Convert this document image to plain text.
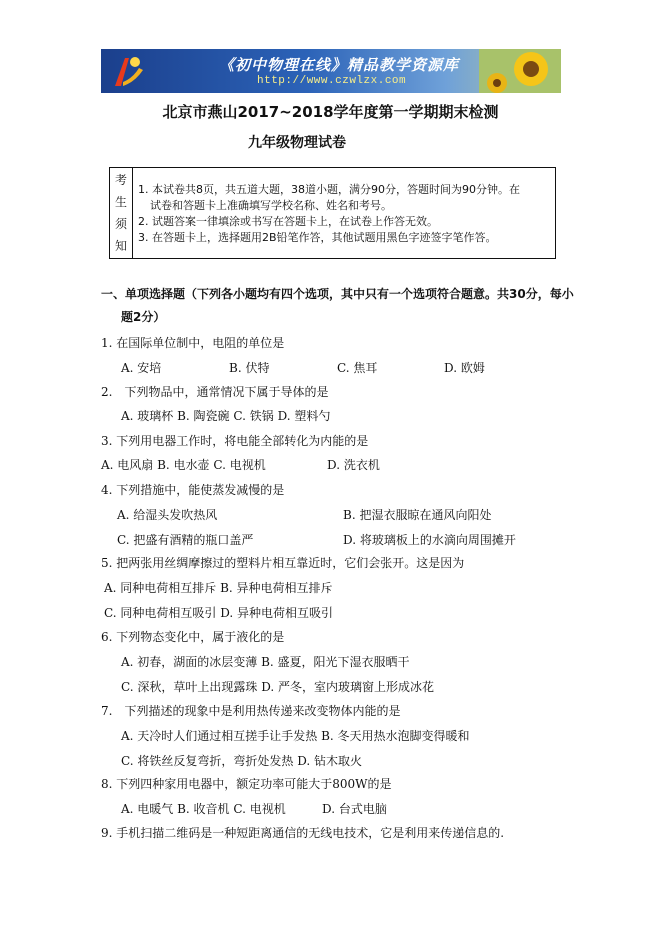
《初中物理在线》精品教学资源库
http://www.czwlzx.com
北京市燕山2017~2018学年度第一学期期末检测
九年级物理试卷
考
生
须
知

1. 本试卷共8页，共五道大题，38道小题，满分90分，答题时间为90分钟。在
试卷和答题卡上准确填写学校名称、姓名和考号。
2. 试题答案一律填涂或书写在答题卡上，在试卷上作答无效。
3. 在答题卡上，选择题用2B铅笔作答，其他试题用黑色字迹签字笔作答。
一、单项选择题（下列各小题均有四个选项，其中只有一个选项符合题意。共30分，每小
题2分）
1. 在国际单位制中，电阻的单位是
A. 安培	B. 伏特	C. 焦耳	D. 欧姆
2.　下列物品中，通常情况下属于导体的是
A. 玻璃杯 B. 陶瓷碗 C. 铁锅 D. 塑料勺
3. 下列用电器工作时，将电能全部转化为内能的是
A. 电风扇 B. 电水壶 C. 电视机	D. 洗衣机
4. 下列措施中，能使蒸发减慢的是
A. 给湿头发吹热风	B. 把湿衣服晾在通风向阳处
C. 把盛有酒精的瓶口盖严	D. 将玻璃板上的水滴向周围摊开
5. 把两张用丝绸摩擦过的塑料片相互靠近时，它们会张开。这是因为
A. 同种电荷相互排斥 B. 异种电荷相互排斥
C. 同种电荷相互吸引 D. 异种电荷相互吸引
6. 下列物态变化中，属于液化的是
A. 初春，湖面的冰层变薄 B. 盛夏，阳光下湿衣服晒干
C. 深秋，草叶上出现露珠 D. 严冬，室内玻璃窗上形成冰花
7.　下列描述的现象中是利用热传递来改变物体内能的是
A. 天冷时人们通过相互搓手让手发热 B. 冬天用热水泡脚变得暖和
C. 将铁丝反复弯折，弯折处发热 D. 钻木取火
8. 下列四种家用电器中，额定功率可能大于800W的是
A. 电暖气 B. 收音机 C. 电视机	D. 台式电脑
9. 手机扫描二维码是一种短距离通信的无线电技术，它是利用来传递信息的.
